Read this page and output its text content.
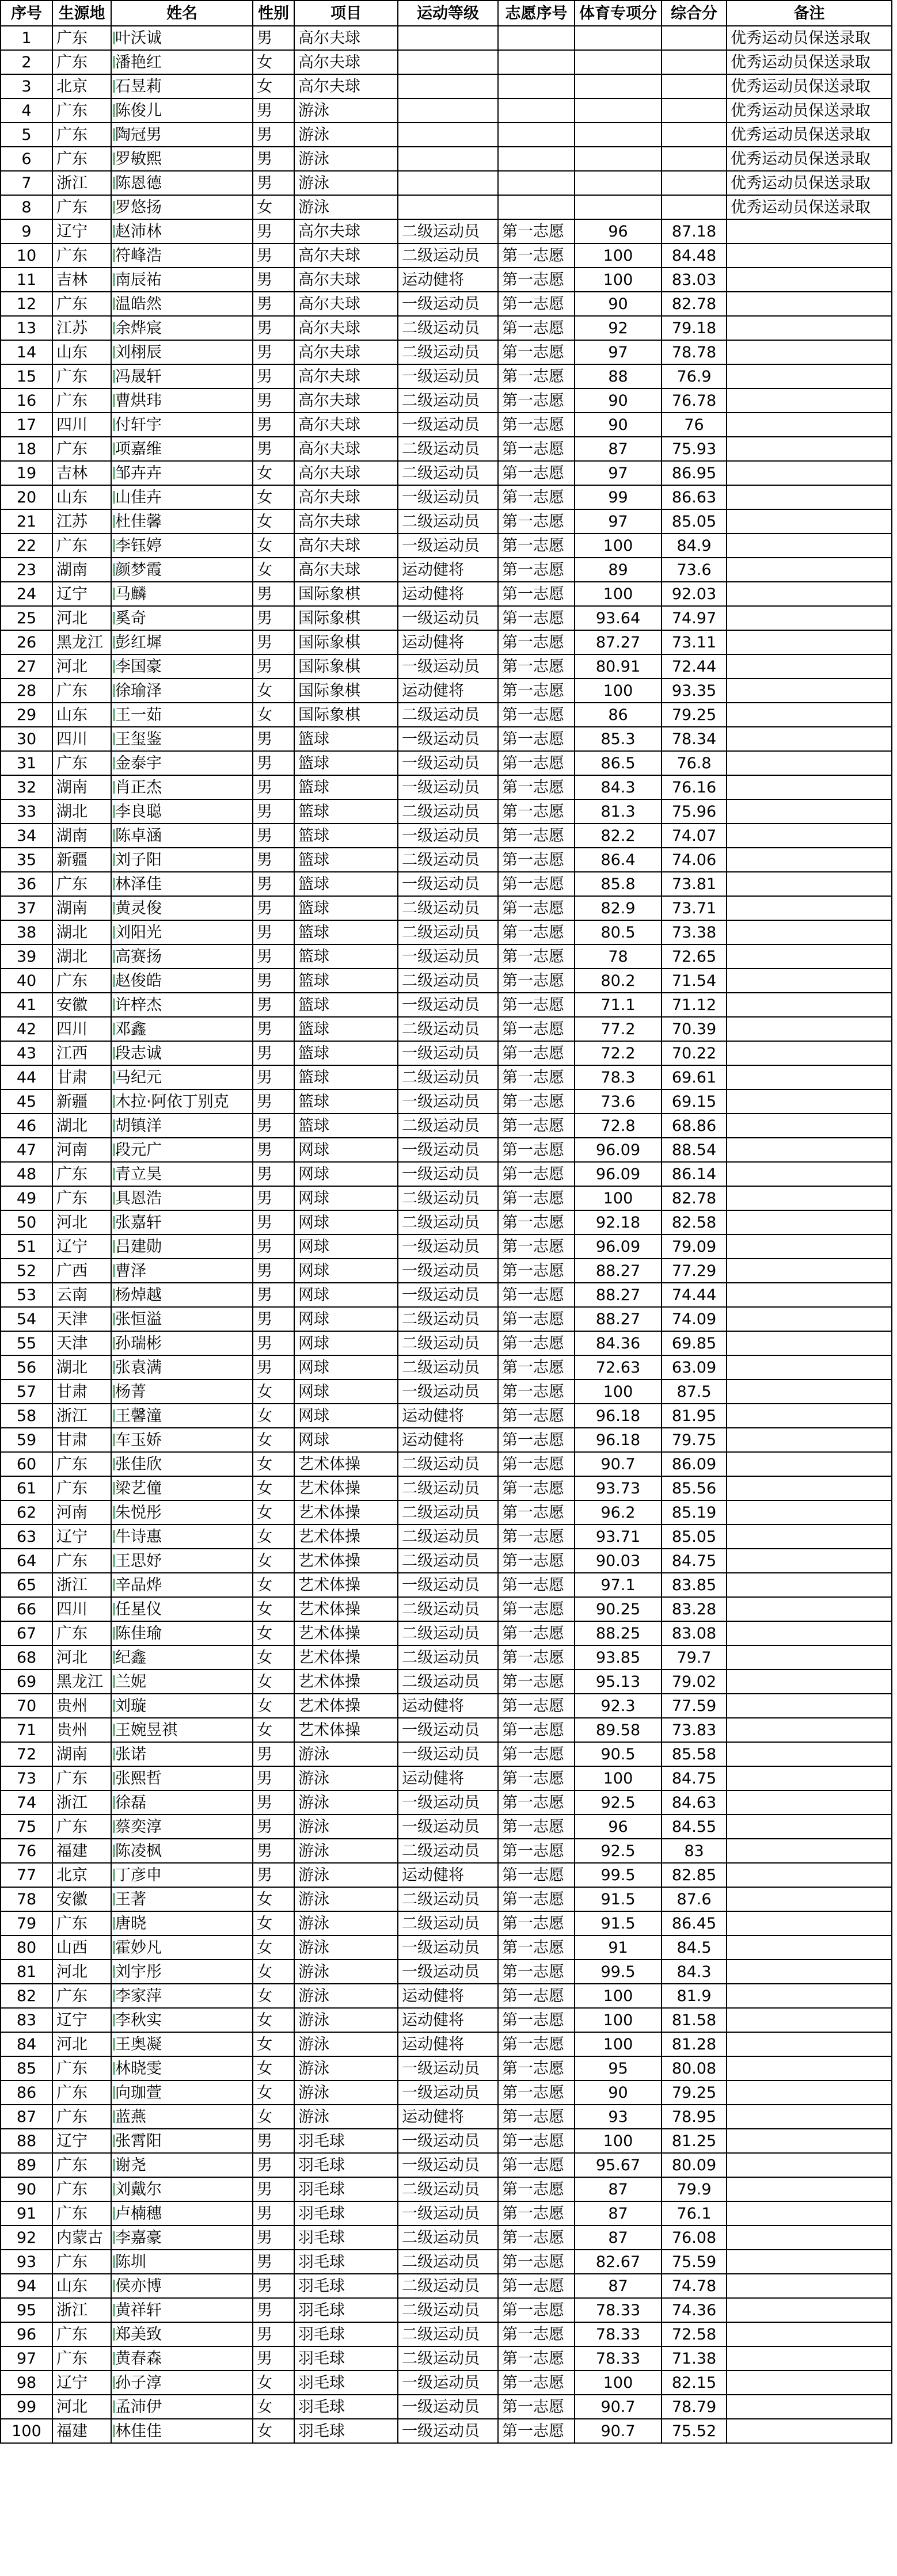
序号	生源地	姓名	性别	项目	运动等级	志愿序号	体育专项分	综合分	备注
1	广东	叶沃诚	男	高尔夫球					优秀运动员保送录取
2	广东	潘艳红	女	高尔夫球					优秀运动员保送录取
3	北京	石昱莉	女	高尔夫球					优秀运动员保送录取
4	广东	陈俊儿	男	游泳					优秀运动员保送录取
5	广东	陶冠男	男	游泳					优秀运动员保送录取
6	广东	罗敏熙	男	游泳					优秀运动员保送录取
7	浙江	陈恩德	男	游泳					优秀运动员保送录取
8	广东	罗悠扬	女	游泳					优秀运动员保送录取
9	辽宁	赵沛林	男	高尔夫球	二级运动员	第一志愿	96	87.18	
10	广东	符峰浩	男	高尔夫球	二级运动员	第一志愿	100	84.48	
11	吉林	南辰祐	男	高尔夫球	运动健将	第一志愿	100	83.03	
12	广东	温皓然	男	高尔夫球	一级运动员	第一志愿	90	82.78	
13	江苏	余烨宸	男	高尔夫球	二级运动员	第一志愿	92	79.18	
14	山东	刘栩辰	男	高尔夫球	二级运动员	第一志愿	97	78.78	
15	广东	冯晟轩	男	高尔夫球	一级运动员	第一志愿	88	76.9	
16	广东	曹烘玮	男	高尔夫球	二级运动员	第一志愿	90	76.78	
17	四川	付轩宇	男	高尔夫球	一级运动员	第一志愿	90	76	
18	广东	项嘉维	男	高尔夫球	二级运动员	第一志愿	87	75.93	
19	吉林	邹卉卉	女	高尔夫球	二级运动员	第一志愿	97	86.95	
20	山东	山佳卉	女	高尔夫球	一级运动员	第一志愿	99	86.63	
21	江苏	杜佳馨	女	高尔夫球	二级运动员	第一志愿	97	85.05	
22	广东	李钰婷	女	高尔夫球	一级运动员	第一志愿	100	84.9	
23	湖南	颜梦霞	女	高尔夫球	运动健将	第一志愿	89	73.6	
24	辽宁	马麟	男	国际象棋	运动健将	第一志愿	100	92.03	
25	河北	奚奇	男	国际象棋	一级运动员	第一志愿	93.64	74.97	
26	黑龙江	彭红墀	男	国际象棋	运动健将	第一志愿	87.27	73.11	
27	河北	李国豪	男	国际象棋	一级运动员	第一志愿	80.91	72.44	
28	广东	徐瑜泽	女	国际象棋	运动健将	第一志愿	100	93.35	
29	山东	王一茹	女	国际象棋	二级运动员	第一志愿	86	79.25	
30	四川	王玺鉴	男	篮球	一级运动员	第一志愿	85.3	78.34	
31	广东	金泰宇	男	篮球	一级运动员	第一志愿	86.5	76.8	
32	湖南	肖正杰	男	篮球	一级运动员	第一志愿	84.3	76.16	
33	湖北	李良聪	男	篮球	二级运动员	第一志愿	81.3	75.96	
34	湖南	陈卓涵	男	篮球	一级运动员	第一志愿	82.2	74.07	
35	新疆	刘子阳	男	篮球	二级运动员	第一志愿	86.4	74.06	
36	广东	林泽佳	男	篮球	一级运动员	第一志愿	85.8	73.81	
37	湖南	黄灵俊	男	篮球	二级运动员	第一志愿	82.9	73.71	
38	湖北	刘阳光	男	篮球	二级运动员	第一志愿	80.5	73.38	
39	湖北	高赛扬	男	篮球	一级运动员	第一志愿	78	72.65	
40	广东	赵俊皓	男	篮球	二级运动员	第一志愿	80.2	71.54	
41	安徽	许梓杰	男	篮球	一级运动员	第一志愿	71.1	71.12	
42	四川	邓鑫	男	篮球	二级运动员	第一志愿	77.2	70.39	
43	江西	段志诚	男	篮球	一级运动员	第一志愿	72.2	70.22	
44	甘肃	马纪元	男	篮球	二级运动员	第一志愿	78.3	69.61	
45	新疆	木拉·阿依丁别克	男	篮球	一级运动员	第一志愿	73.6	69.15	
46	湖北	胡镇洋	男	篮球	二级运动员	第一志愿	72.8	68.86	
47	河南	段元广	男	网球	一级运动员	第一志愿	96.09	88.54	
48	广东	青立昊	男	网球	一级运动员	第一志愿	96.09	86.14	
49	广东	具恩浩	男	网球	二级运动员	第一志愿	100	82.78	
50	河北	张嘉轩	男	网球	二级运动员	第一志愿	92.18	82.58	
51	辽宁	吕建勋	男	网球	一级运动员	第一志愿	96.09	79.09	
52	广西	曹泽	男	网球	一级运动员	第一志愿	88.27	77.29	
53	云南	杨焯越	男	网球	一级运动员	第一志愿	88.27	74.44	
54	天津	张恒溢	男	网球	二级运动员	第一志愿	88.27	74.09	
55	天津	孙瑞彬	男	网球	二级运动员	第一志愿	84.36	69.85	
56	湖北	张袁满	男	网球	二级运动员	第一志愿	72.63	63.09	
57	甘肃	杨菁	女	网球	一级运动员	第一志愿	100	87.5	
58	浙江	王馨潼	女	网球	运动健将	第一志愿	96.18	81.95	
59	甘肃	车玉娇	女	网球	运动健将	第一志愿	96.18	79.75	
60	广东	张佳欣	女	艺术体操	二级运动员	第一志愿	90.7	86.09	
61	广东	梁艺僮	女	艺术体操	二级运动员	第一志愿	93.73	85.56	
62	河南	朱悦彤	女	艺术体操	二级运动员	第一志愿	96.2	85.19	
63	辽宁	牛诗惠	女	艺术体操	二级运动员	第一志愿	93.71	85.05	
64	广东	王思妤	女	艺术体操	二级运动员	第一志愿	90.03	84.75	
65	浙江	辛品烨	女	艺术体操	一级运动员	第一志愿	97.1	83.85	
66	四川	任星仪	女	艺术体操	二级运动员	第一志愿	90.25	83.28	
67	广东	陈佳瑜	女	艺术体操	二级运动员	第一志愿	88.25	83.08	
68	河北	纪鑫	女	艺术体操	二级运动员	第一志愿	93.85	79.7	
69	黑龙江	兰妮	女	艺术体操	二级运动员	第一志愿	95.13	79.02	
70	贵州	刘璇	女	艺术体操	运动健将	第一志愿	92.3	77.59	
71	贵州	王婉昱祺	女	艺术体操	一级运动员	第一志愿	89.58	73.83	
72	湖南	张诺	男	游泳	一级运动员	第一志愿	90.5	85.58	
73	广东	张熙哲	男	游泳	运动健将	第一志愿	100	84.75	
74	浙江	徐磊	男	游泳	一级运动员	第一志愿	92.5	84.63	
75	广东	蔡奕淳	男	游泳	一级运动员	第一志愿	96	84.55	
76	福建	陈凌枫	男	游泳	二级运动员	第一志愿	92.5	83	
77	北京	丁彦申	男	游泳	运动健将	第一志愿	99.5	82.85	
78	安徽	王著	女	游泳	二级运动员	第一志愿	91.5	87.6	
79	广东	唐晓	女	游泳	二级运动员	第一志愿	91.5	86.45	
80	山西	霍妙凡	女	游泳	一级运动员	第一志愿	91	84.5	
81	河北	刘宇彤	女	游泳	一级运动员	第一志愿	99.5	84.3	
82	广东	李家萍	女	游泳	运动健将	第一志愿	100	81.9	
83	辽宁	李秋实	女	游泳	运动健将	第一志愿	100	81.58	
84	河北	王奥凝	女	游泳	运动健将	第一志愿	100	81.28	
85	广东	林晓雯	女	游泳	一级运动员	第一志愿	95	80.08	
86	广东	向珈萱	女	游泳	一级运动员	第一志愿	90	79.25	
87	广东	蓝燕	女	游泳	运动健将	第一志愿	93	78.95	
88	辽宁	张霄阳	男	羽毛球	一级运动员	第一志愿	100	81.25	
89	广东	谢尧	男	羽毛球	一级运动员	第一志愿	95.67	80.09	
90	广东	刘戴尔	男	羽毛球	二级运动员	第一志愿	87	79.9	
91	广东	卢楠穗	男	羽毛球	一级运动员	第一志愿	87	76.1	
92	内蒙古	李嘉豪	男	羽毛球	二级运动员	第一志愿	87	76.08	
93	广东	陈圳	男	羽毛球	二级运动员	第一志愿	82.67	75.59	
94	山东	侯亦博	男	羽毛球	二级运动员	第一志愿	87	74.78	
95	浙江	黄祥轩	男	羽毛球	二级运动员	第一志愿	78.33	74.36	
96	广东	郑美致	男	羽毛球	二级运动员	第一志愿	78.33	72.58	
97	广东	黄春森	男	羽毛球	二级运动员	第一志愿	78.33	71.38	
98	辽宁	孙子淳	女	羽毛球	一级运动员	第一志愿	100	82.15	
99	河北	孟沛伊	女	羽毛球	一级运动员	第一志愿	90.7	78.79	
100	福建	林佳佳	女	羽毛球	一级运动员	第一志愿	90.7	75.52	
